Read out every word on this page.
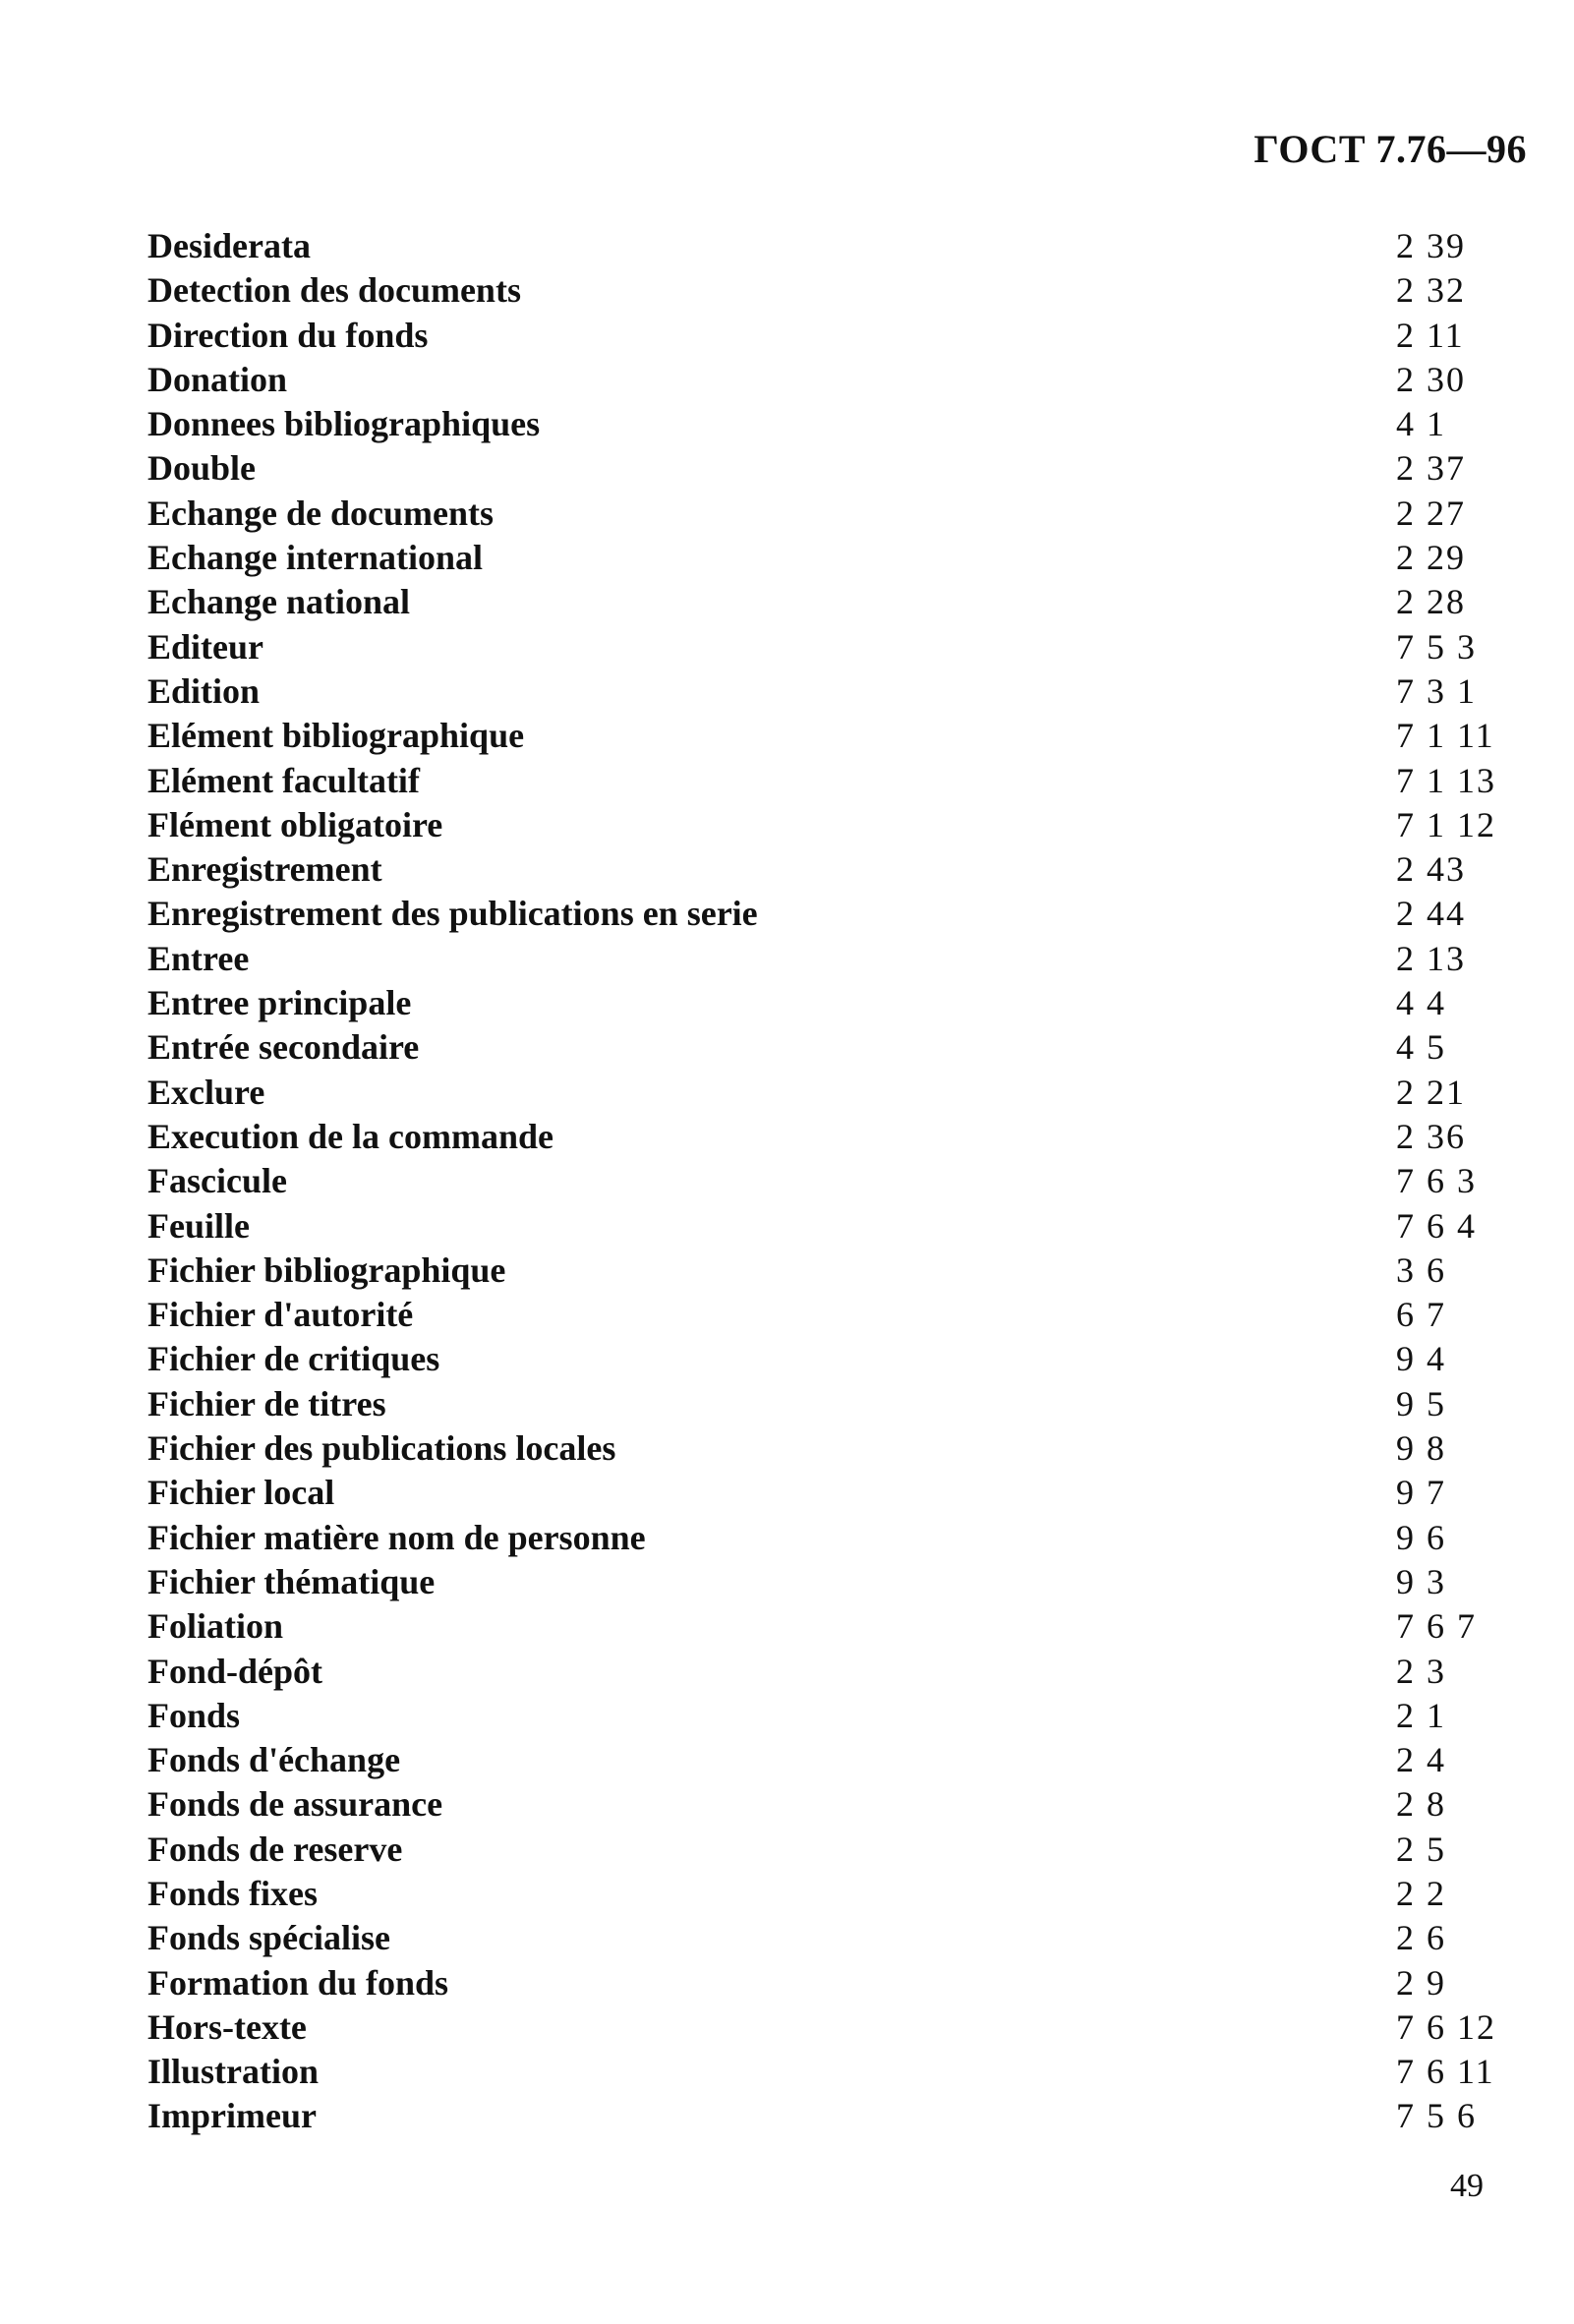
ГОСТ 7.76—96
Desiderata	2 39
Detection des documents	2 32
Direction du fonds	2 11
Donation	2 30
Donnees bibliographiques	4 1
Double	2 37
Echange de documents	2 27
Echange international	2 29
Echange national	2 28
Editeur	7 5 3
Edition	7 3 1
Elément bibliographique	7 1 11
Elément facultatif	7 1 13
Flément obligatoire	7 1 12
Enregistrement	2 43
Enregistrement des publications en serie	2 44
Entree	2 13
Entree principale	4 4
Entrée secondaire	4 5
Exclure	2 21
Execution de la commande	2 36
Fascicule	7 6 3
Feuille	7 6 4
Fichier bibliographique	3 6
Fichier d'autorité	6 7
Fichier de critiques	9 4
Fichier de titres	9 5
Fichier des publications locales	9 8
Fichier local	9 7
Fichier matière nom de personne	9 6
Fichier thématique	9 3
Foliation	7 6 7
Fond-dépôt	2 3
Fonds	2 1
Fonds d'échange	2 4
Fonds de assurance	2 8
Fonds de reserve	2 5
Fonds fixes	2 2
Fonds spécialise	2 6
Formation du fonds	2 9
Hors-texte	7 6 12
Illustration	7 6 11
Imprimeur	7 5 6
49
